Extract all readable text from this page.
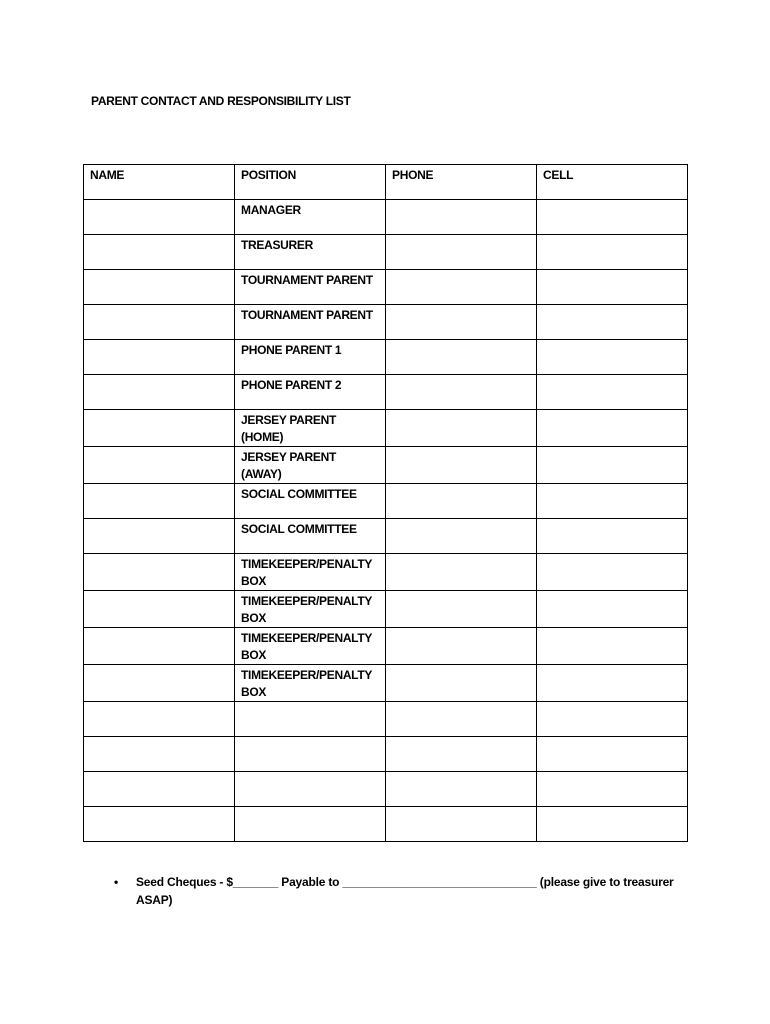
PARENT CONTACT AND RESPONSIBILITY LIST
NAME	POSITION	PHONE	CELL
	MANAGER		
	TREASURER		
	TOURNAMENT PARENT		
	TOURNAMENT PARENT		
	PHONE PARENT 1		
	PHONE PARENT 2		
	JERSEY PARENT (HOME)		
	JERSEY PARENT (AWAY)		
	SOCIAL COMMITTEE		
	SOCIAL COMMITTEE		
	TIMEKEEPER/PENALTY BOX		
	TIMEKEEPER/PENALTY BOX		
	TIMEKEEPER/PENALTY BOX		
	TIMEKEEPER/PENALTY BOX		

•	Seed Cheques - $_______ Payable to ______________________________ (please give to treasurer ASAP)
